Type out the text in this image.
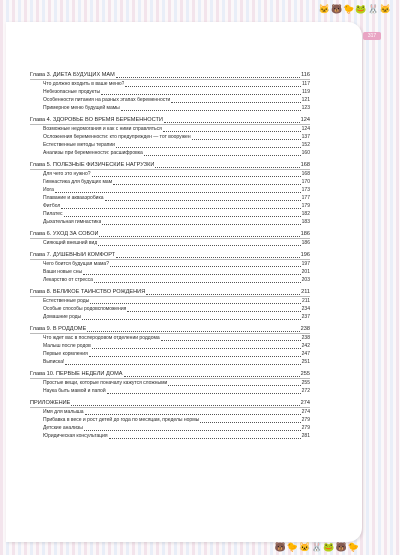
🐱🐻🐤🐸🐰🐱
317
Глава 3. ДИЕТА БУДУЩИХ МАМ	116
Что должно входить в ваше меню?	117
Небезопасные продукты	119
Особенности питания на разных этапах беременности	121
Примерное меню будущей мамы	123
Глава 4. ЗДОРОВЬЕ ВО ВРЕМЯ БЕРЕМЕННОСТИ	124
Возможные недомогания и как с ними справляться	124
Осложнения беременности: кто предупрежден — тот вооружен	137
Естественные методы терапии	152
Анализы при беременности: расшифровка	160
Глава 5. ПОЛЕЗНЫЕ ФИЗИЧЕСКИЕ НАГРУЗКИ	168
Для чего это нужно?	168
Гимнастика для будущих мам	170
Йога	173
Плавание и аквааэробика	177
Фитбол	179
Пилатес	182
Дыхательная гимнастика	183
Глава 6. УХОД ЗА СОБОЙ	186
Сияющий внешний вид	186
Глава 7. ДУШЕВНЫЙ КОМФОРТ	196
Чего боится будущая мама?	197
Ваши новые сны	201
Лекарство от стресса	203
Глава 8. ВЕЛИКОЕ ТАИНСТВО РОЖДЕНИЯ	211
Естественные роды	211
Особые способы родовспоможения	234
Домашние роды	237
Глава 9. В РОДДОМЕ	238
Что ждет вас в послеродовом отделении роддома	238
Малыш после родов	242
Первые кормления	247
Выписка!	251
Глава 10. ПЕРВЫЕ НЕДЕЛИ ДОМА	255
Простые вещи, которые поначалу кажутся сложными	255
Наука быть мамой и папой	272
ПРИЛОЖЕНИЕ	274
Имя для малыша	274
Прибавка в весе и рост детей до года по месяцам, пределы нормы	279
Детские анализы	279
Юридическая консультация	281
🐻🐤🐱🐰🐸🐻🐤
